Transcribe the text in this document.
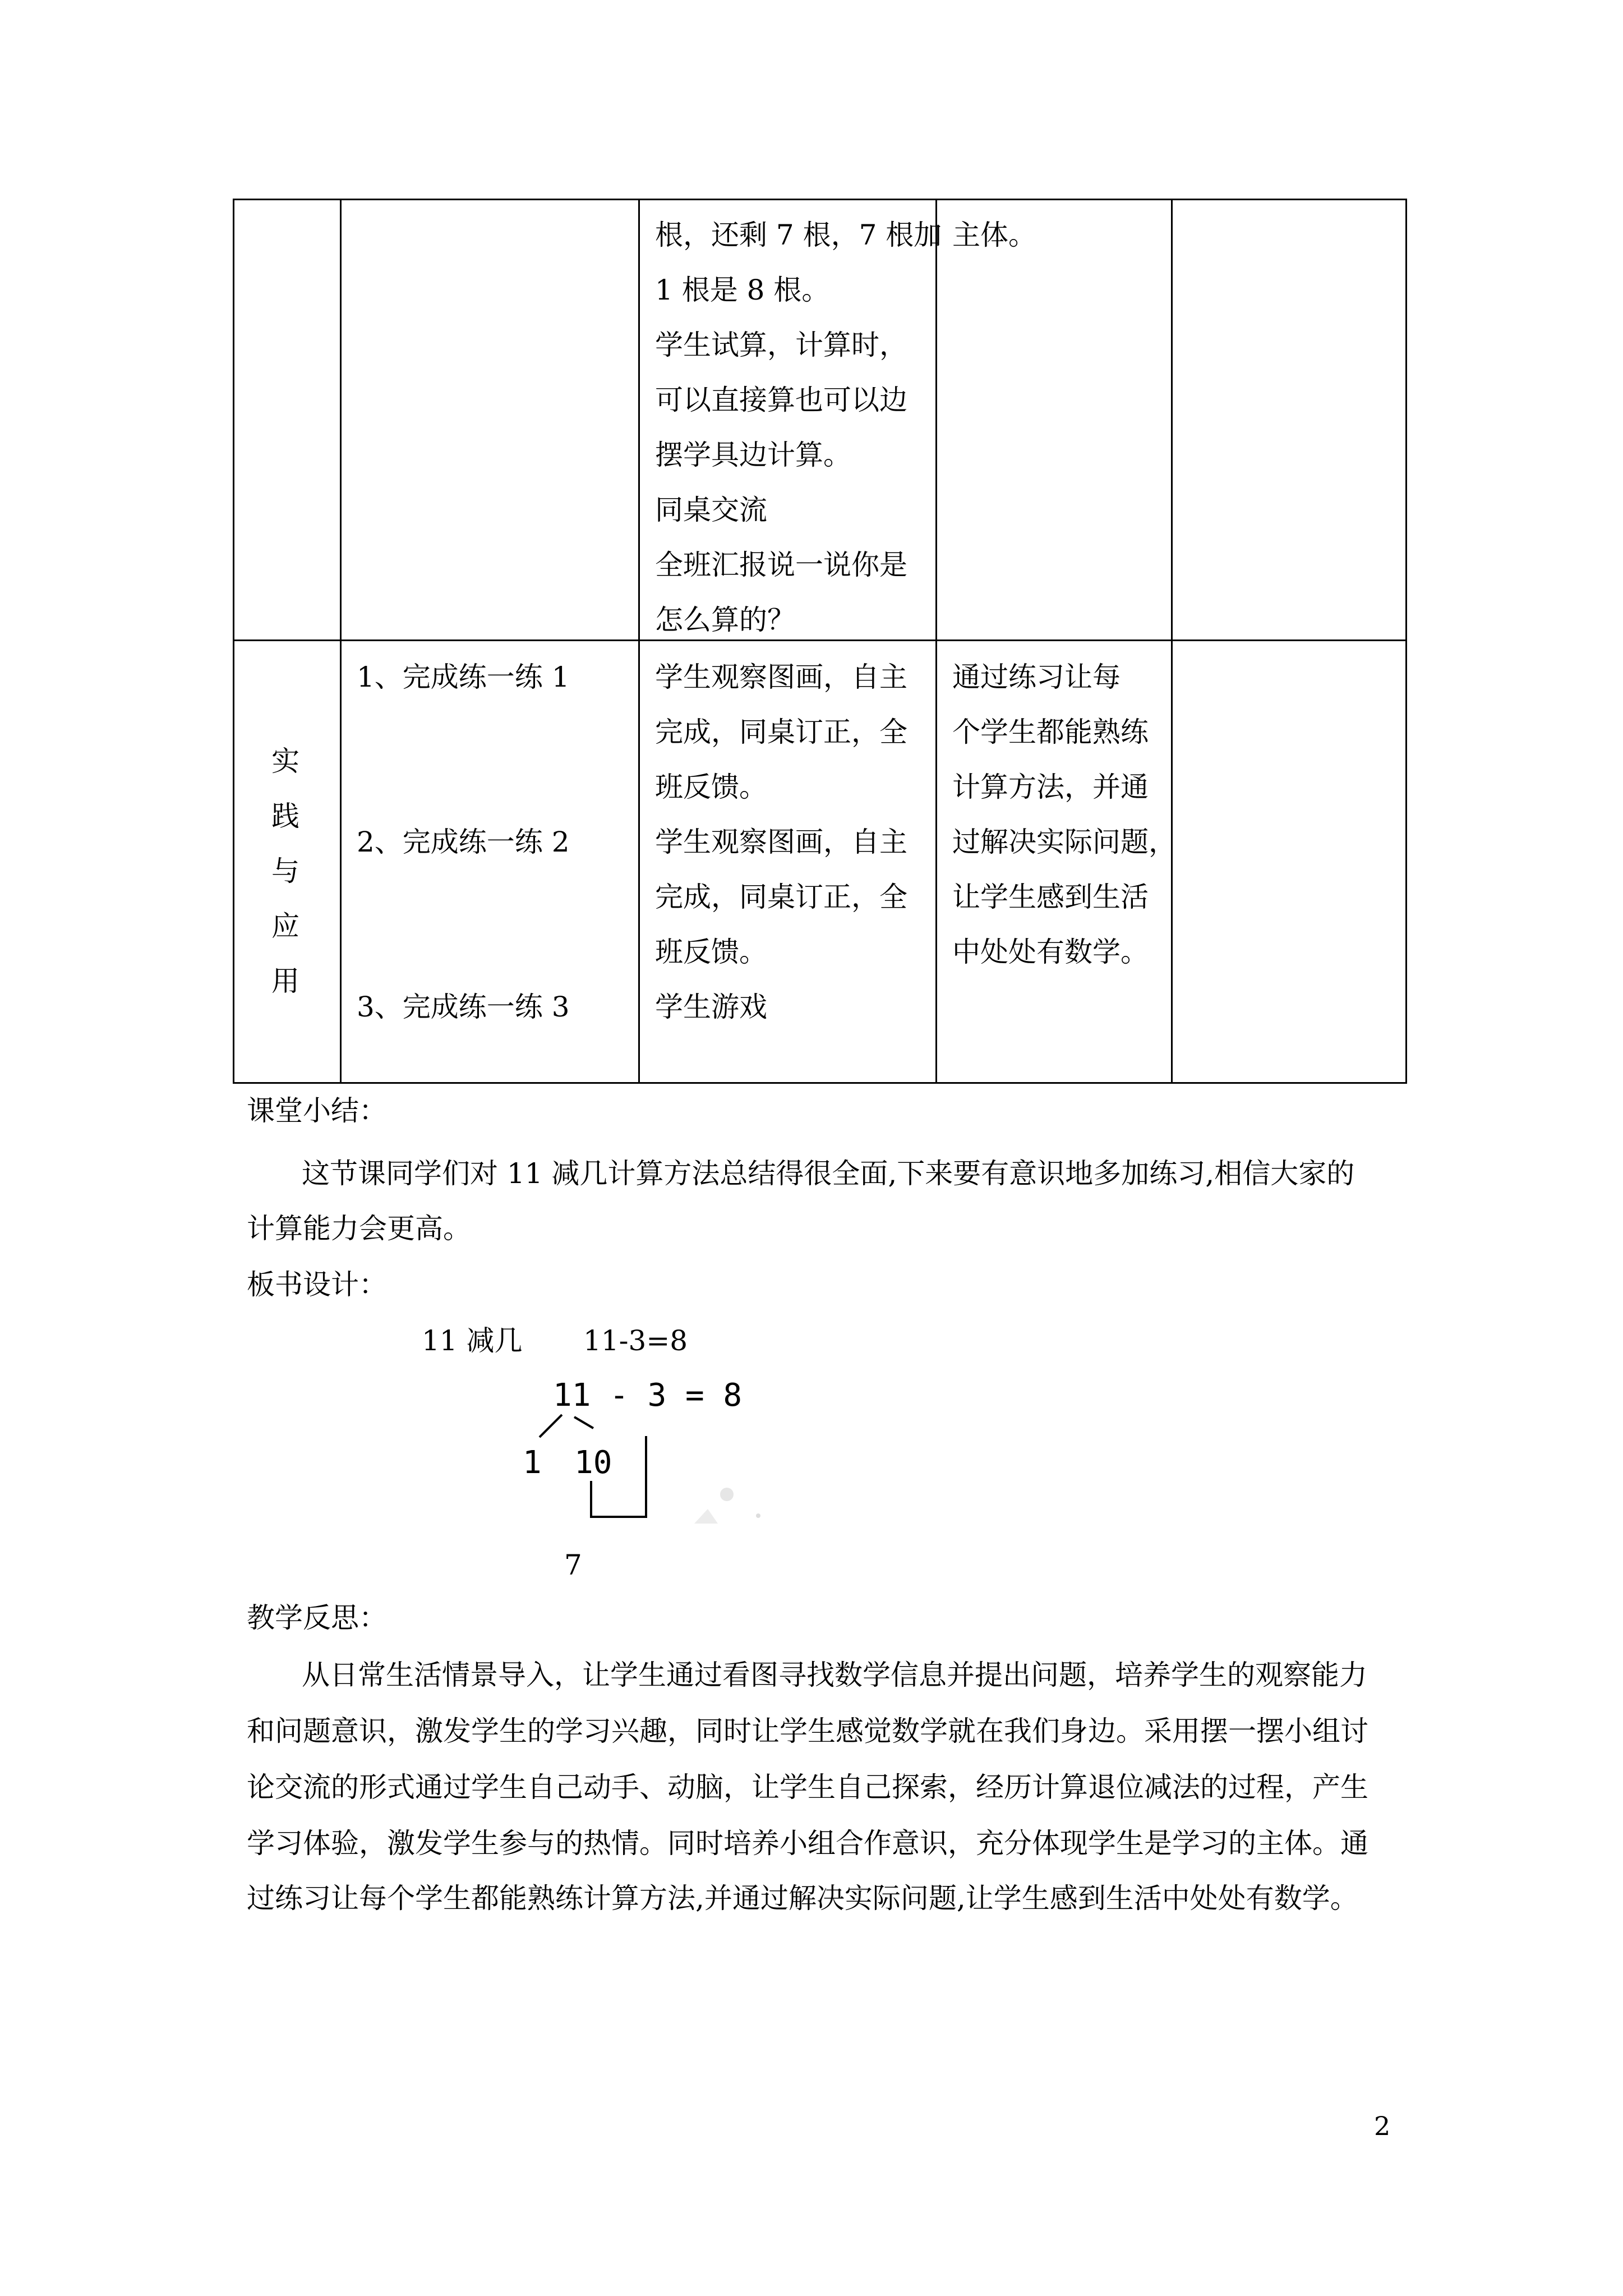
根，还剩 7 根，7 根加
1 根是 8 根。
学生试算，计算时，
可以直接算也可以边
摆学具边计算。
同桌交流
全班汇报说一说你是
怎么算的？
主体。
实
践
与
应
用
1、完成练一练 1
2、完成练一练 2
3、完成练一练 3
学生观察图画，自主
完成，同桌订正，全
班反馈。
学生观察图画，自主
完成，同桌订正，全
班反馈。
学生游戏
通过练习让每
个学生都能熟练
计算方法，并通
过解决实际问题，
让学生感到生活
中处处有数学。
课堂小结：
这节课同学们对 11 减几计算方法总结得很全面,下来要有意识地多加练习,相信大家的
计算能力会更高。
板书设计：
11 减几 11-3=8
11 - 3 = 8
1 10
7
教学反思：
从日常生活情景导入，让学生通过看图寻找数学信息并提出问题，培养学生的观察能力
和问题意识，激发学生的学习兴趣，同时让学生感觉数学就在我们身边。采用摆一摆小组讨
论交流的形式通过学生自己动手、动脑，让学生自己探索，经历计算退位减法的过程，产生
学习体验，激发学生参与的热情。同时培养小组合作意识，充分体现学生是学习的主体。通
过练习让每个学生都能熟练计算方法,并通过解决实际问题,让学生感到生活中处处有数学。
2
